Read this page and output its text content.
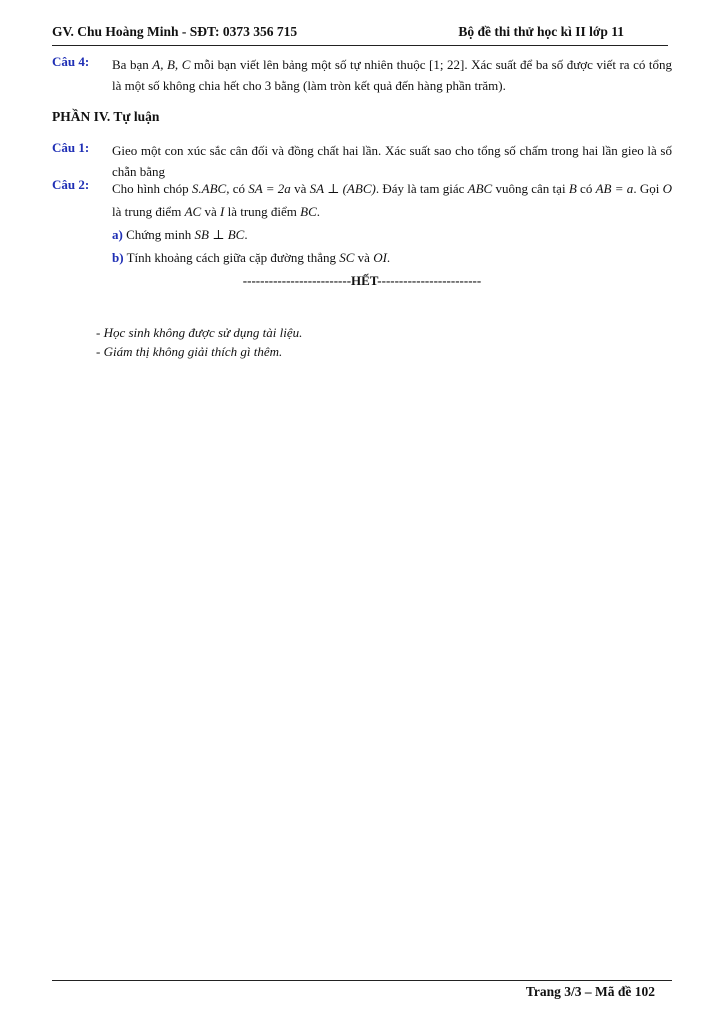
GV. Chu Hoàng Minh - SĐT: 0373 356 715	Bộ đề thi thử học kì II lớp 11
Câu 4: Ba bạn A, B, C mỗi bạn viết lên bảng một số tự nhiên thuộc [1; 22]. Xác suất để ba số được viết ra có tổng là một số không chia hết cho 3 bằng (làm tròn kết quả đến hàng phần trăm).

PHẦN IV. Tự luận
Câu 1: Gieo một con xúc sắc cân đối và đồng chất hai lần. Xác suất sao cho tổng số chấm trong hai lần gieo là số chẵn bằng

Câu 2: Cho hình chóp S.ABC, có SA = 2a và SA ⊥ (ABC). Đáy là tam giác ABC vuông cân tại B có AB = a. Gọi O là trung điểm AC và I là trung điểm BC.

a) Chứng minh SB ⊥ BC.

b) Tính khoảng cách giữa cặp đường thẳng SC và OI.

-------------------------HẾT------------------------
- Học sinh không được sử dụng tài liệu.
- Giám thị không giải thích gì thêm.
Trang 3/3 – Mã đề 102
